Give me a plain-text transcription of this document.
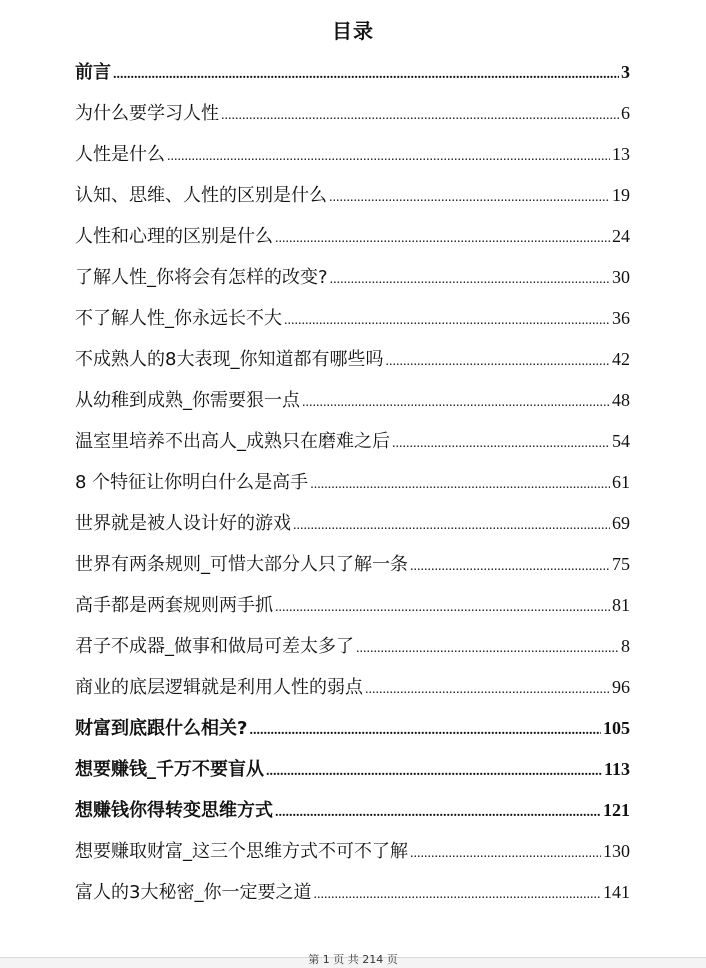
目录
前言 .....	3
为什么要学习人性 .....	6
人性是什么 .....	13
认知、思维、人性的区别是什么 .....	19
人性和心理的区别是什么 .....	24
了解人性_你将会有怎样的改变? .....	30
不了解人性_你永远长不大 .....	36
不成熟人的8大表现_你知道都有哪些吗 .....	42
从幼稚到成熟_你需要狠一点 .....	48
温室里培养不出高人_成熟只在磨难之后 .....	54
8 个特征让你明白什么是高手 .....	61
世界就是被人设计好的游戏 .....	69
世界有两条规则_可惜大部分人只了解一条 .....	75
高手都是两套规则两手抓 .....	81
君子不成器_做事和做局可差太多了 .....	8
商业的底层逻辑就是利用人性的弱点 .....	96
财富到底跟什么相关? .....	105
想要赚钱_千万不要盲从 .....	113
想赚钱你得转变思维方式 .....	121
想要赚取财富_这三个思维方式不可不了解 .....	130
富人的3大秘密_你一定要之道 .....	141
第 1 页 共 214 页
